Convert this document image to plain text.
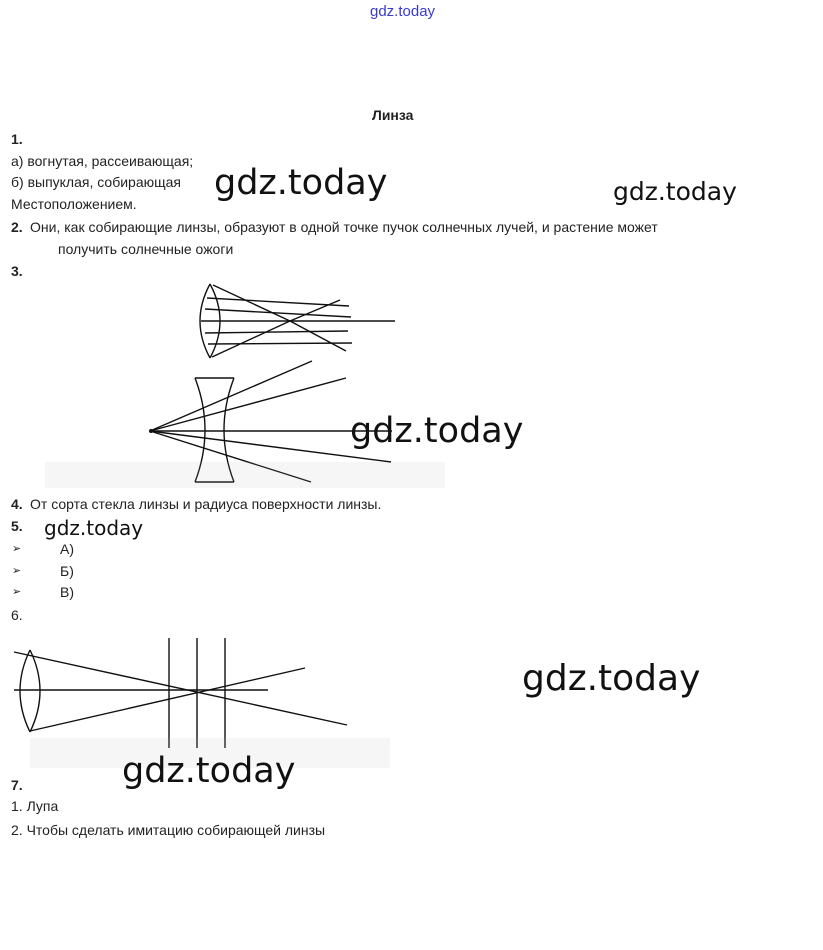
gdz.today
Линза
1.
а) вогнутая, рассеивающая;
б) выпуклая, собирающая
Местоположением.
2. Они, как собирающие линзы, образуют в одной точке пучок солнечных лучей, и растение может
получить солнечные ожоги
3.
4. От сорта стекла линзы и радиуса поверхности линзы.
5.
➢	А)
➢	Б)
➢	В)
6.
7.
1. Лупа
2. Чтобы сделать имитацию собирающей линзы
gdz.today	gdz.today
gdz.today
gdz.today
gdz.today
gdz.today
